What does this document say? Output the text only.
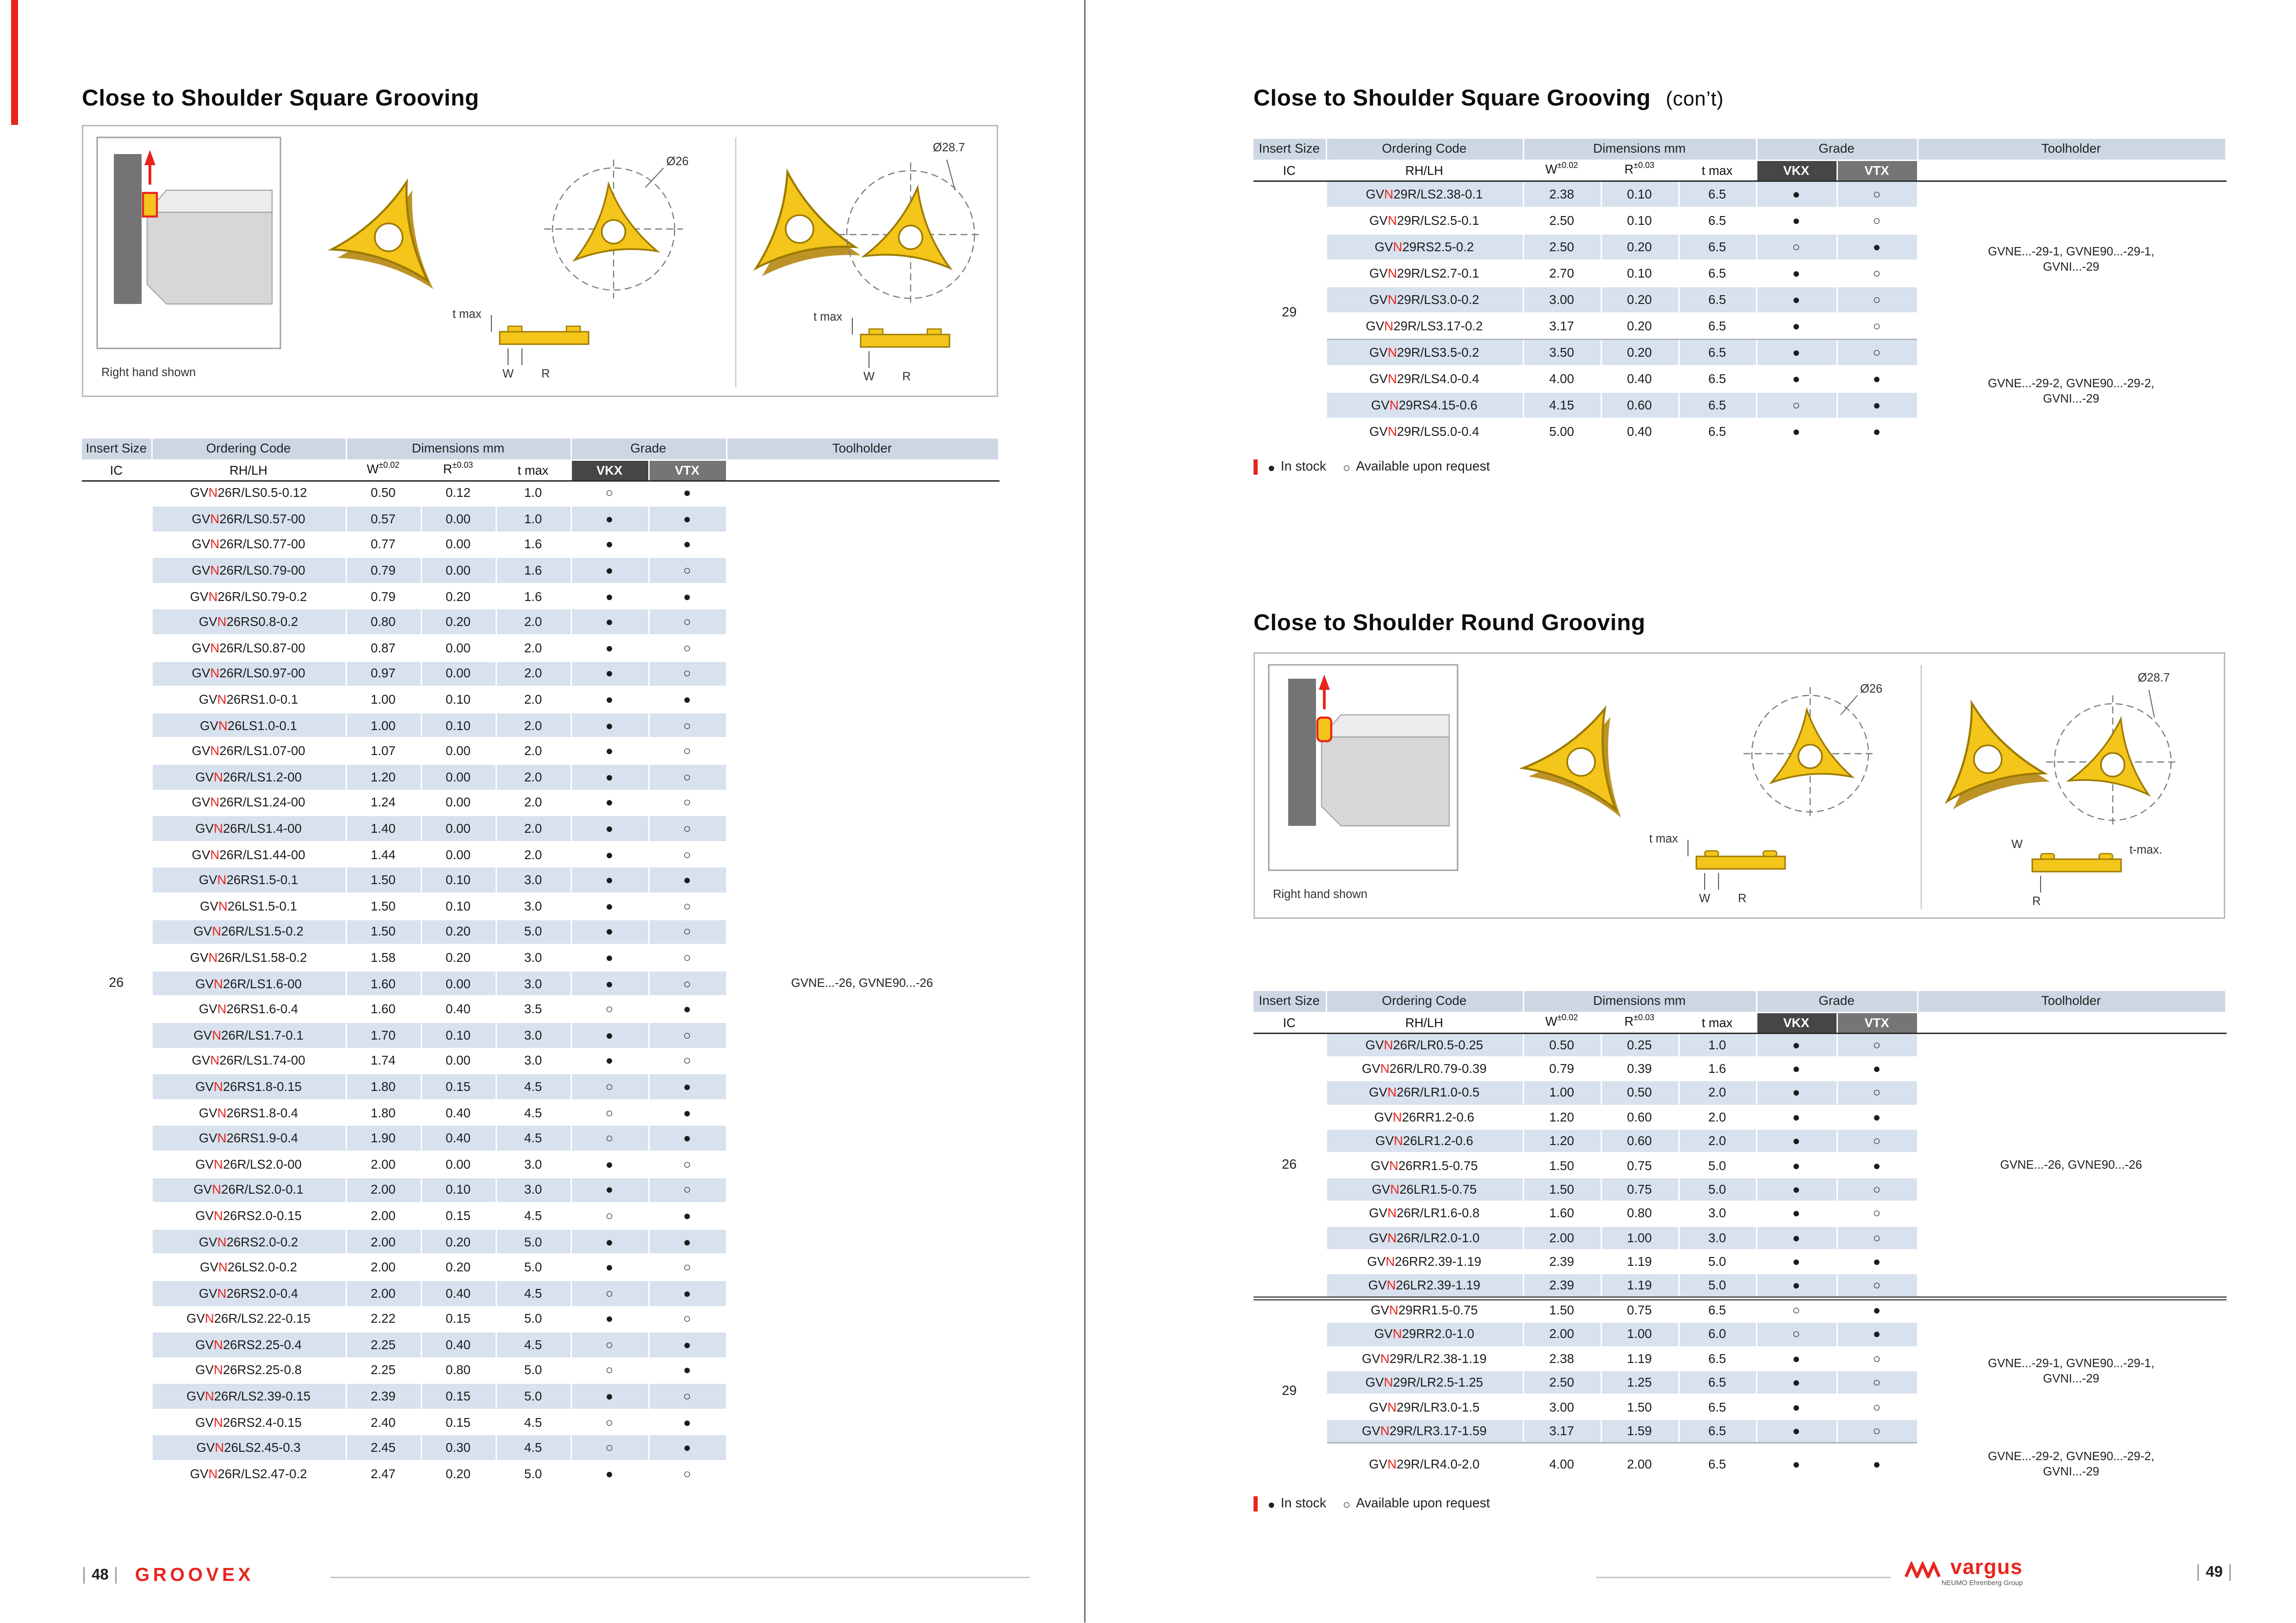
Close to Shoulder Square Grooving
Right hand shown
Ø26
t max
W	R
Ø28.7
t max
W	R
Insert Size	Ordering Code	Dimensions mm			Grade		Toolholder
IC	RH/LH	$W^{\pm 0.02}$	$R^{\pm 0.03}$	t max	VKX	VTX	
26	GVN26R/LS0.5-0.12	0.50	0.12	1.0	○	●	GVNE...-26, GVNE90...-26

	GVN26R/LS0.57-00	0.57	0.00	1.0	●	●	
	GVN26R/LS0.77-00	0.77	0.00	1.6	●	●	
	GVN26R/LS0.79-00	0.79	0.00	1.6	●	○	
	GVN26R/LS0.79-0.2	0.79	0.20	1.6	●	●	
	GVN26RS0.8-0.2	0.80	0.20	2.0	●	○	
	GVN26R/LS0.87-00	0.87	0.00	2.0	●	○	
	GVN26R/LS0.97-00	0.97	0.00	2.0	●	○	
	GVN26RS1.0-0.1	1.00	0.10	2.0	●	●	
	GVN26LS1.0-0.1	1.00	0.10	2.0	●	○	
	GVN26R/LS1.07-00	1.07	0.00	2.0	●	○	
	GVN26R/LS1.2-00	1.20	0.00	2.0	●	○	
	GVN26R/LS1.24-00	1.24	0.00	2.0	●	○	
	GVN26R/LS1.4-00	1.40	0.00	2.0	●	○	
	GVN26R/LS1.44-00	1.44	0.00	2.0	●	○	
	GVN26RS1.5-0.1	1.50	0.10	3.0	●	●	
	GVN26LS1.5-0.1	1.50	0.10	3.0	●	○	
	GVN26R/LS1.5-0.2	1.50	0.20	5.0	●	○	
	GVN26R/LS1.58-0.2	1.58	0.20	3.0	●	○	
	GVN26R/LS1.6-00	1.60	0.00	3.0	●	○	
	GVN26RS1.6-0.4	1.60	0.40	3.5	○	●	
	GVN26R/LS1.7-0.1	1.70	0.10	3.0	●	○	
	GVN26R/LS1.74-00	1.74	0.00	3.0	●	○	
	GVN26RS1.8-0.15	1.80	0.15	4.5	○	●	
	GVN26RS1.8-0.4	1.80	0.40	4.5	○	●	
	GVN26RS1.9-0.4	1.90	0.40	4.5	○	●	
	GVN26R/LS2.0-00	2.00	0.00	3.0	●	○	
	GVN26R/LS2.0-0.1	2.00	0.10	3.0	●	○	
	GVN26RS2.0-0.15	2.00	0.15	4.5	○	●	
	GVN26RS2.0-0.2	2.00	0.20	5.0	●	●	
	GVN26LS2.0-0.2	2.00	0.20	5.0	●	○	
	GVN26RS2.0-0.4	2.00	0.40	4.5	○	●	
	GVN26R/LS2.22-0.15	2.22	0.15	5.0	●	○	
	GVN26RS2.25-0.4	2.25	0.40	4.5	○	●	
	GVN26RS2.25-0.8	2.25	0.80	5.0	○	●	
	GVN26R/LS2.39-0.15	2.39	0.15	5.0	●	○	
	GVN26RS2.4-0.15	2.40	0.15	4.5	○	●	
	GVN26LS2.45-0.3	2.45	0.30	4.5	○	●	
	GVN26R/LS2.47-0.2	2.47	0.20	5.0	●	○	
48	GROOVEX
Close to Shoulder Square Grooving (con’t)
Insert Size	Ordering Code	Dimensions mm			Grade		Toolholder
IC	RH/LH	$W^{\pm 0.02}$	$R^{\pm 0.03}$	t max	VKX	VTX	
29	GVN29R/LS2.38-0.1	2.38	0.10	6.5	●	○	GVNE...-29-1, GVNE90...-29-1,
GVNI...-29

	GVN29R/LS2.5-0.1	2.50	0.10	6.5	●	○	
	GVN29RS2.5-0.2	2.50	0.20	6.5	○	●	
	GVN29R/LS2.7-0.1	2.70	0.10	6.5	●	○	
	GVN29R/LS3.0-0.2	3.00	0.20	6.5	●	○	
	GVN29R/LS3.17-0.2	3.17	0.20	6.5	●	○	
	GVN29R/LS3.5-0.2	3.50	0.20	6.5	●	○	GVNE...-29-2, GVNE90...-29-2,
GVNI...-29

	GVN29R/LS4.0-0.4	4.00	0.40	6.5	●	●	
	GVN29RS4.15-0.6	4.15	0.60	6.5	○	●	
	GVN29R/LS5.0-0.4	5.00	0.40	6.5	●	●	
● In stock	○ Available upon request
Close to Shoulder Round Grooving
Right hand shown
Ø26
t max
W	R
Ø28.7
W	t-max.
R
Insert Size	Ordering Code	Dimensions mm			Grade		Toolholder
IC	RH/LH	$W^{\pm 0.02}$	$R^{\pm 0.03}$	t max	VKX	VTX	
26	GVN26R/LR0.5-0.25	0.50	0.25	1.0	●	○	GVNE...-26, GVNE90...-26

	GVN26R/LR0.79-0.39	0.79	0.39	1.6	●	●	
	GVN26R/LR1.0-0.5	1.00	0.50	2.0	●	○	
	GVN26RR1.2-0.6	1.20	0.60	2.0	●	●	
	GVN26LR1.2-0.6	1.20	0.60	2.0	●	○	
	GVN26RR1.5-0.75	1.50	0.75	5.0	●	●	
	GVN26LR1.5-0.75	1.50	0.75	5.0	●	○	
	GVN26R/LR1.6-0.8	1.60	0.80	3.0	●	○	
	GVN26R/LR2.0-1.0	2.00	1.00	3.0	●	○	
	GVN26RR2.39-1.19	2.39	1.19	5.0	●	●	
	GVN26LR2.39-1.19	2.39	1.19	5.0	●	○	
29	GVN29RR1.5-0.75	1.50	0.75	6.5	○	●	GVNE...-29-1, GVNE90...-29-1,
GVNI...-29

	GVN29RR2.0-1.0	2.00	1.00	6.0	○	●	
	GVN29R/LR2.38-1.19	2.38	1.19	6.5	●	○	
	GVN29R/LR2.5-1.25	2.50	1.25	6.5	●	○	
	GVN29R/LR3.0-1.5	3.00	1.50	6.5	●	○	
	GVN29R/LR3.17-1.59	3.17	1.59	6.5	●	○	
	GVN29R/LR4.0-2.0	4.00	2.00	6.5	●	●	GVNE...-29-2, GVNE90...-29-2,
GVNI...-29
● In stock	○ Available upon request
vargus
NEUMO Ehrenberg Group
49
